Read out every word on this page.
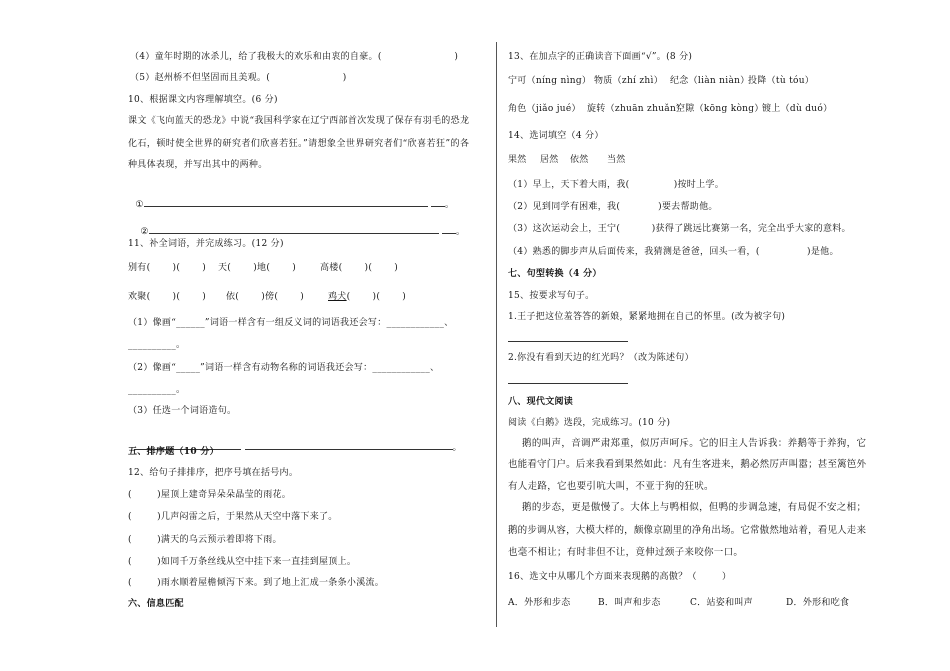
（4）童年时期的冰杀儿，给了我极大的欢乐和由衷的自豪。(                       )
（5）赵州桥不但坚固而且美观。(                       )
10、根据课文内容理解填空。(6 分)
课文《飞向蓝天的恐龙》中说“我国科学家在辽宁西部首次发现了保存有羽毛的恐龙
化石，顿时使全世界的研究者们欣喜若狂。”请想象全世界研究者们“欣喜若狂”的各
种具体表现，并写出其中的两种。

①	。

②	。

11、补全词语，并完成练习。(12 分)
别有(       )(       ) 天(       )地(       )	高楼(       )(       )
欢聚(       )(       ) 依(       )傍(       )	鸡犬(       )(       )
（1）像画“______”词语一样含有一组反义词的词语我还会写：____________、
__________。
（2）像画“_____”词语一样含有动物名称的词语我还会写：____________、
__________。
（3）任选一个词语造句。

。

五、排序题（10 分）
12、给句子排排序，把序号填在括号内。
(        )屋顶上建奇异朵朵晶莹的雨花。
(        )几声闷雷之后，于果然从天空中落下来了。
(        )满天的乌云预示着即将下雨。
(        )如同千万条丝线从空中挂下来一直挂到屋顶上。
(        )雨水顺着屋檐倾泻下来。到了地上汇成一条条小溪流。
六、信息匹配
13、在加点字的正确读音下面画“√”。(8 分)
宁可（níng nìng） 物质（zhí zhì） 纪念（liàn niàn）
投降（tù tóu）
角色（jiǎo jué） 旋转（zhuān zhuǎn）
空隙（kōng kòng）
镀上（dù duó）
14、选词填空（4 分）
果然 居然 依然 当然
（1）早上，天下着大雨，我(              )按时上学。
（2）见到同学有困难，我(            )要去帮助他。
（3）这次运动会上，王宁(          )获得了跳远比赛第一名，完全出乎大家的意料。
（4）熟悉的脚步声从后面传来，我猜测是爸爸，回头一看，(               )是他。
七、句型转换（4 分）
15、按要求写句子。
1.王子把这位羞答答的新娘，紧紧地拥在自己的怀里。(改为被字句)
2.你没有看到天边的红光吗？（改为陈述句）
八、现代文阅读
阅读《白鹅》选段，完成练习。(10 分)
鹅的叫声，音调严肃郑重，似厉声呵斥。它的旧主人告诉我：养鹅等于养狗，它
也能看守门户。后来我看到果然如此：凡有生客进来，鹅必然厉声叫嚣；甚至篱笆外
有人走路，它也要引吭大叫，不亚于狗的狂吠。
鹅的步态，更是傲慢了。大体上与鸭相似，但鸭的步调急速，有局促不安之相；
鹅的步调从容，大模大样的，颇像京剧里的净角出场。它常傲然地站着，看见人走来
也毫不相让；有时非但不让，竟伸过颈子来咬你一口。
16、选文中从哪几个方面来表现鹅的高傲？（        ）
A．外形和步态	B．叫声和步态	C．站姿和叫声	D．外形和吃食
